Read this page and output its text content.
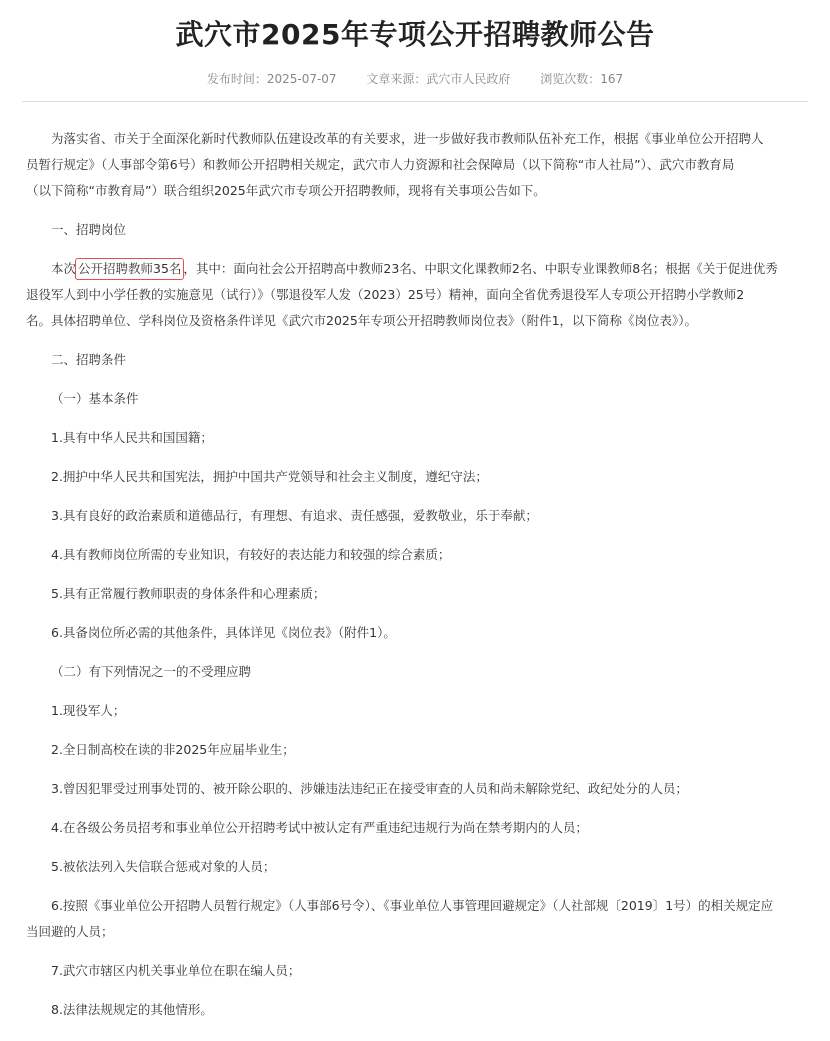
武穴市2025年专项公开招聘教师公告
发布时间：2025-07-07 文章来源：武穴市人民政府 浏览次数：167
为落实省、市关于全面深化新时代教师队伍建设改革的有关要求，进一步做好我市教师队伍补充工作，根据《事业单位公开招聘人
员暂行规定》（人事部令第6号）和教师公开招聘相关规定，武穴市人力资源和社会保障局（以下简称“市人社局”）、武穴市教育局
（以下简称“市教育局”）联合组织2025年武穴市专项公开招聘教师，现将有关事项公告如下。
一、招聘岗位
本次 公开招聘教师35名 ，其中：面向社会公开招聘高中教师23名、中职文化课教师2名、中职专业课教师8名；根据《关于促进优秀
退役军人到中小学任教的实施意见（试行）》（鄂退役军人发（2023）25号）精神，面向全省优秀退役军人专项公开招聘小学教师2
名。具体招聘单位、学科岗位及资格条件详见《武穴市2025年专项公开招聘教师岗位表》（附件1，以下简称《岗位表》）。
二、招聘条件
（一）基本条件
1.具有中华人民共和国国籍；
2.拥护中华人民共和国宪法，拥护中国共产党领导和社会主义制度，遵纪守法；
3.具有良好的政治素质和道德品行，有理想、有追求、责任感强，爱教敬业，乐于奉献；
4.具有教师岗位所需的专业知识，有较好的表达能力和较强的综合素质；
5.具有正常履行教师职责的身体条件和心理素质；
6.具备岗位所必需的其他条件，具体详见《岗位表》（附件1）。
（二）有下列情况之一的不受理应聘
1.现役军人；
2.全日制高校在读的非2025年应届毕业生；
3.曾因犯罪受过刑事处罚的、被开除公职的、涉嫌违法违纪正在接受审查的人员和尚未解除党纪、政纪处分的人员；
4.在各级公务员招考和事业单位公开招聘考试中被认定有严重违纪违规行为尚在禁考期内的人员；
5.被依法列入失信联合惩戒对象的人员；
6.按照《事业单位公开招聘人员暂行规定》（人事部6号令）、《事业单位人事管理回避规定》（人社部规〔2019〕1号）的相关规定应
当回避的人员；
7.武穴市辖区内机关事业单位在职在编人员；
8.法律法规规定的其他情形。
